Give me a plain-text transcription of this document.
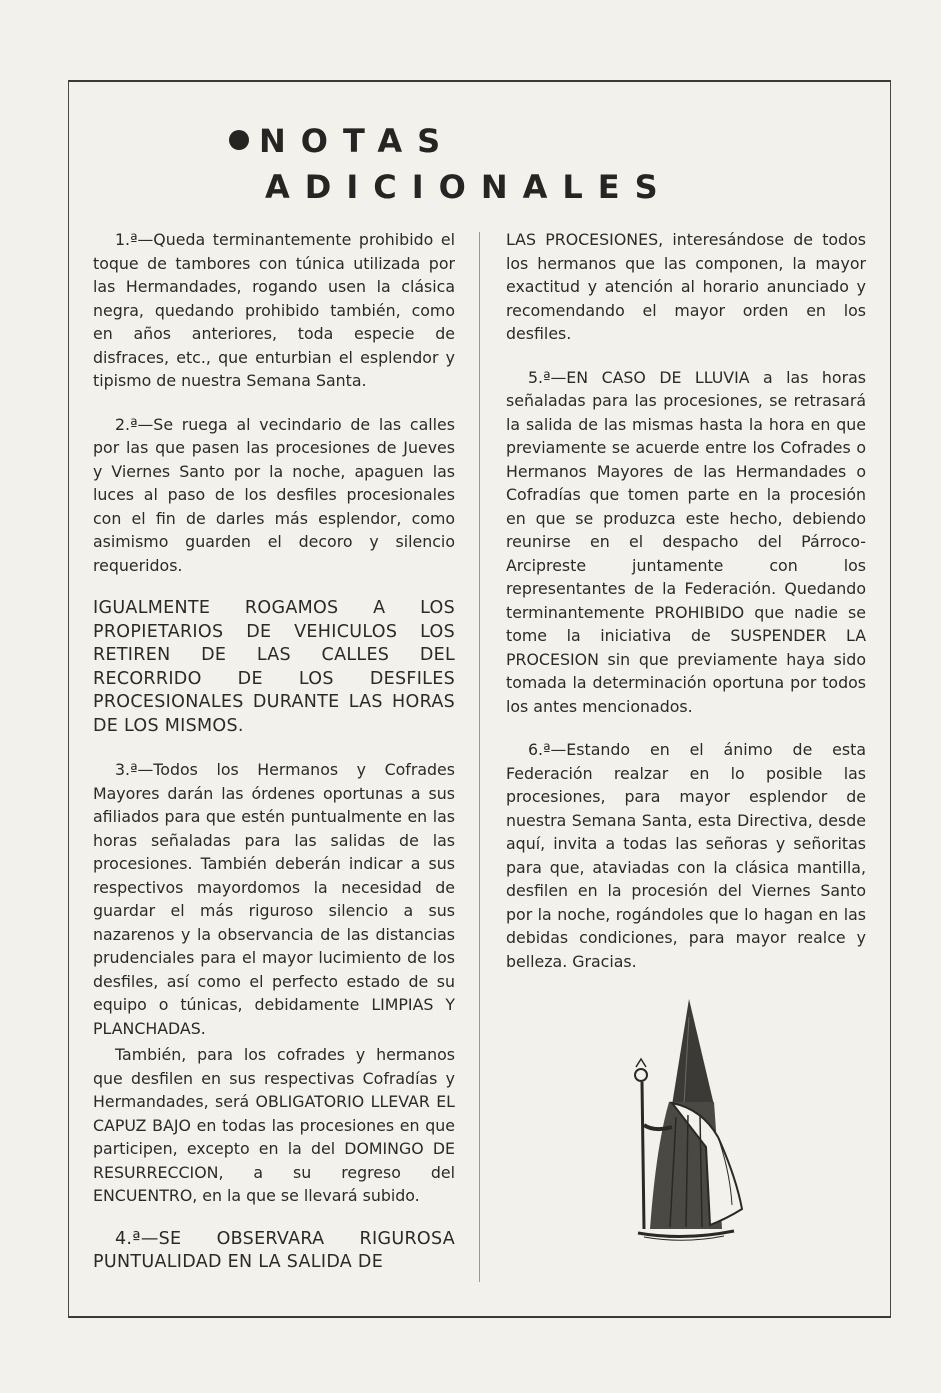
NOTAS
ADICIONALES

1.ª—Queda terminantemente prohibido el toque de tambores con túnica utilizada por las Hermandades, rogando usen la clásica negra, quedando prohibido también, como en años anteriores, toda especie de disfraces, etc., que enturbian el esplendor y tipismo de nuestra Semana Santa.

2.ª—Se ruega al vecindario de las calles por las que pasen las procesiones de Jueves y Viernes Santo por la noche, apaguen las luces al paso de los desfiles procesionales con el fin de darles más esplendor, como asimismo guarden el decoro y silencio requeridos.

IGUALMENTE ROGAMOS A LOS PROPIETARIOS DE VEHICULOS LOS RETIREN DE LAS CALLES DEL RECORRIDO DE LOS DESFILES PROCESIONALES DURANTE LAS HORAS DE LOS MISMOS.

3.ª—Todos los Hermanos y Cofrades Mayores darán las órdenes oportunas a sus afiliados para que estén puntualmente en las horas señaladas para las salidas de las procesiones. También deberán indicar a sus respectivos mayordomos la necesidad de guardar el más riguroso silencio a sus nazarenos y la observancia de las distancias prudenciales para el mayor lucimiento de los desfiles, así como el perfecto estado de su equipo o túnicas, debidamente LIMPIAS Y PLANCHADAS.

También, para los cofrades y hermanos que desfilen en sus respectivas Cofradías y Hermandades, será OBLIGATORIO LLEVAR EL CAPUZ BAJO en todas las procesiones en que participen, excepto en la del DOMINGO DE RESURRECCION, a su regreso del ENCUENTRO, en la que se llevará subido.

4.ª—SE OBSERVARA RIGUROSA PUNTUALIDAD EN LA SALIDA DE

LAS PROCESIONES, interesándose de todos los hermanos que las componen, la mayor exactitud y atención al horario anunciado y recomendando el mayor orden en los desfiles.

5.ª—EN CASO DE LLUVIA a las horas señaladas para las procesiones, se retrasará la salida de las mismas hasta la hora en que previamente se acuerde entre los Cofrades o Hermanos Mayores de las Hermandades o Cofradías que tomen parte en la procesión en que se produzca este hecho, debiendo reunirse en el despacho del Párroco-Arcipreste juntamente con los representantes de la Federación. Quedando terminantemente PROHIBIDO que nadie se tome la iniciativa de SUSPENDER LA PROCESION sin que previamente haya sido tomada la determinación oportuna por todos los antes mencionados.

6.ª—Estando en el ánimo de esta Federación realzar en lo posible las procesiones, para mayor esplendor de nuestra Semana Santa, esta Directiva, desde aquí, invita a todas las señoras y señoritas para que, ataviadas con la clásica mantilla, desfilen en la procesión del Viernes Santo por la noche, rogándoles que lo hagan en las debidas condiciones, para mayor realce y belleza. Gracias.
